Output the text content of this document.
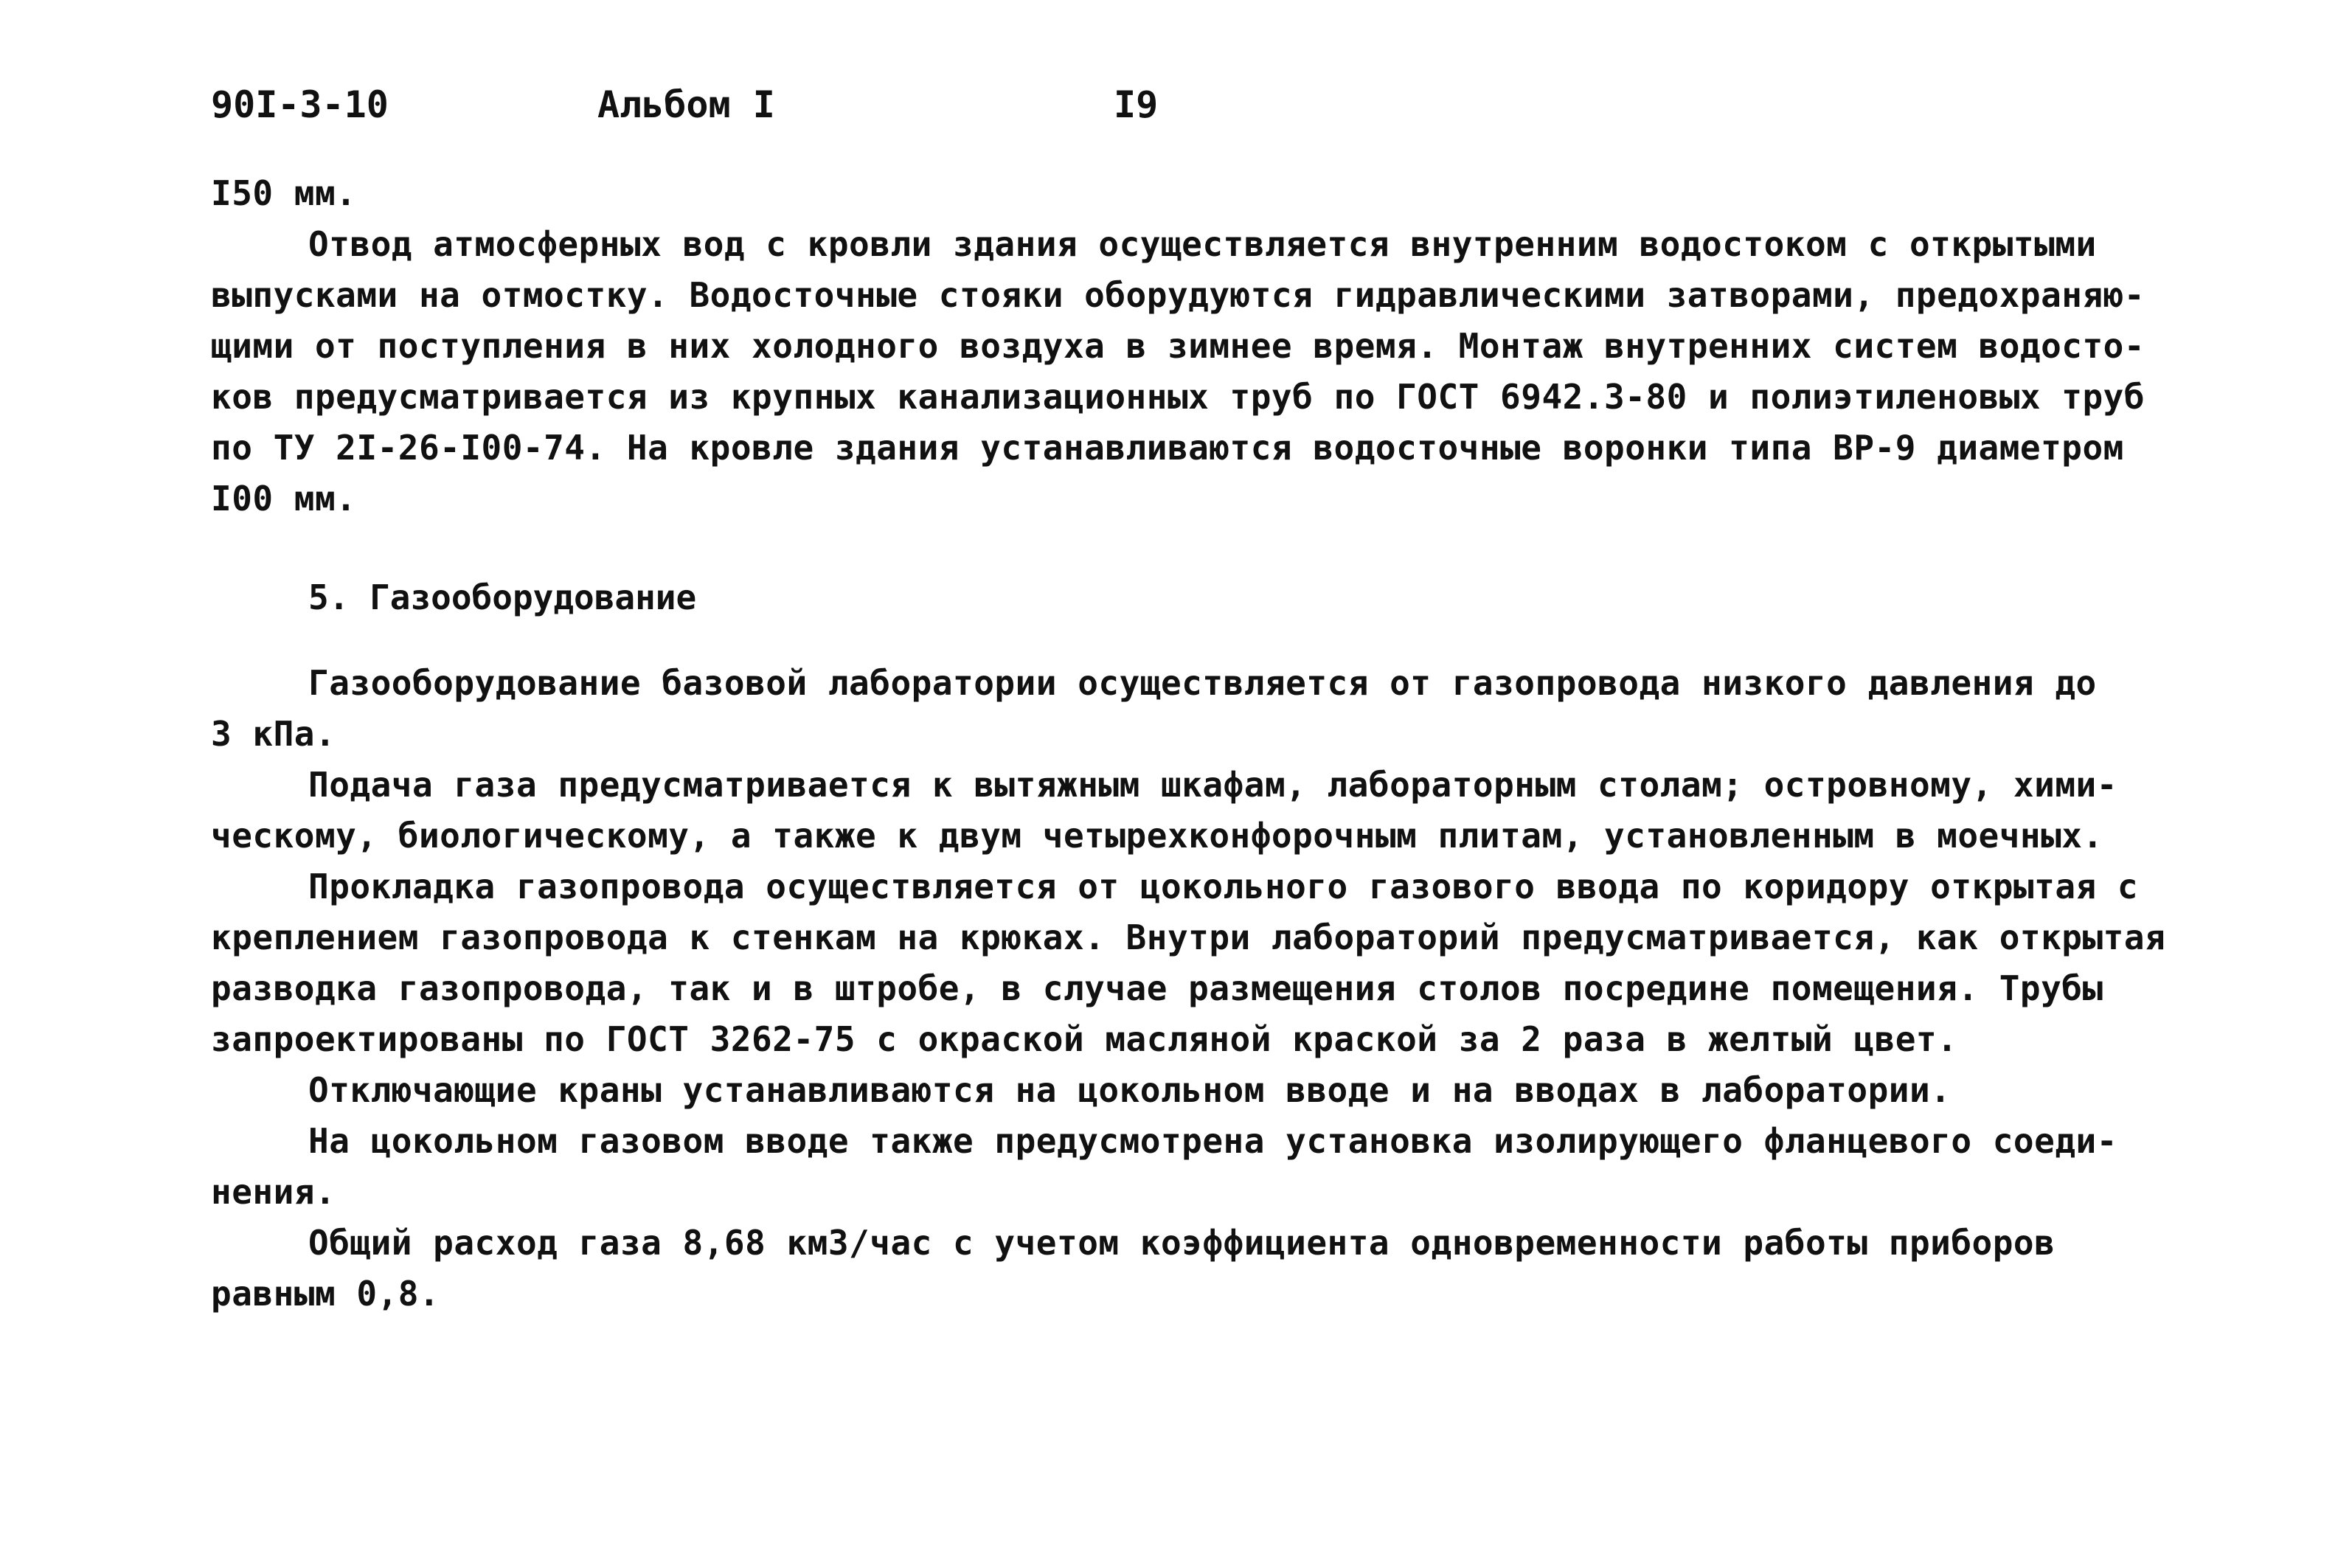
90I-3-10	Альбом I	I9
I50 мм.
Отвод атмосферных вод с кровли здания осуществляется внутренним водостоком с открытыми
выпусками на отмостку. Водосточные стояки оборудуются гидравлическими затворами, предохраняю-
щими от поступления в них холодного воздуха в зимнее время. Монтаж внутренних систем водосто-
ков предусматривается из крупных канализационных труб по ГОСТ 6942.3-80 и полиэтиленовых труб
по ТУ 2I-26-I00-74. На кровле здания устанавливаются водосточные воронки типа ВР-9 диаметром
I00 мм.
5. Газооборудование
Газооборудование базовой лаборатории осуществляется от газопровода низкого давления до
3 кПа.
Подача газа предусматривается к вытяжным шкафам, лабораторным столам; островному, хими-
ческому, биологическому, а также к двум четырехконфорочным плитам, установленным в моечных.
Прокладка газопровода осуществляется от цокольного газового ввода по коридору открытая с
креплением газопровода к стенкам на крюках. Внутри лабораторий предусматривается, как открытая
разводка газопровода, так и в штробе, в случае размещения столов посредине помещения. Трубы
запроектированы по ГОСТ 3262-75 с окраской масляной краской за 2 раза в желтый цвет.
Отключающие краны устанавливаются на цокольном вводе и на вводах в лаборатории.
На цокольном газовом вводе также предусмотрена установка изолирующего фланцевого соеди-
нения.
Общий расход газа 8,68 км3/час с учетом коэффициента одновременности работы приборов
равным 0,8.
